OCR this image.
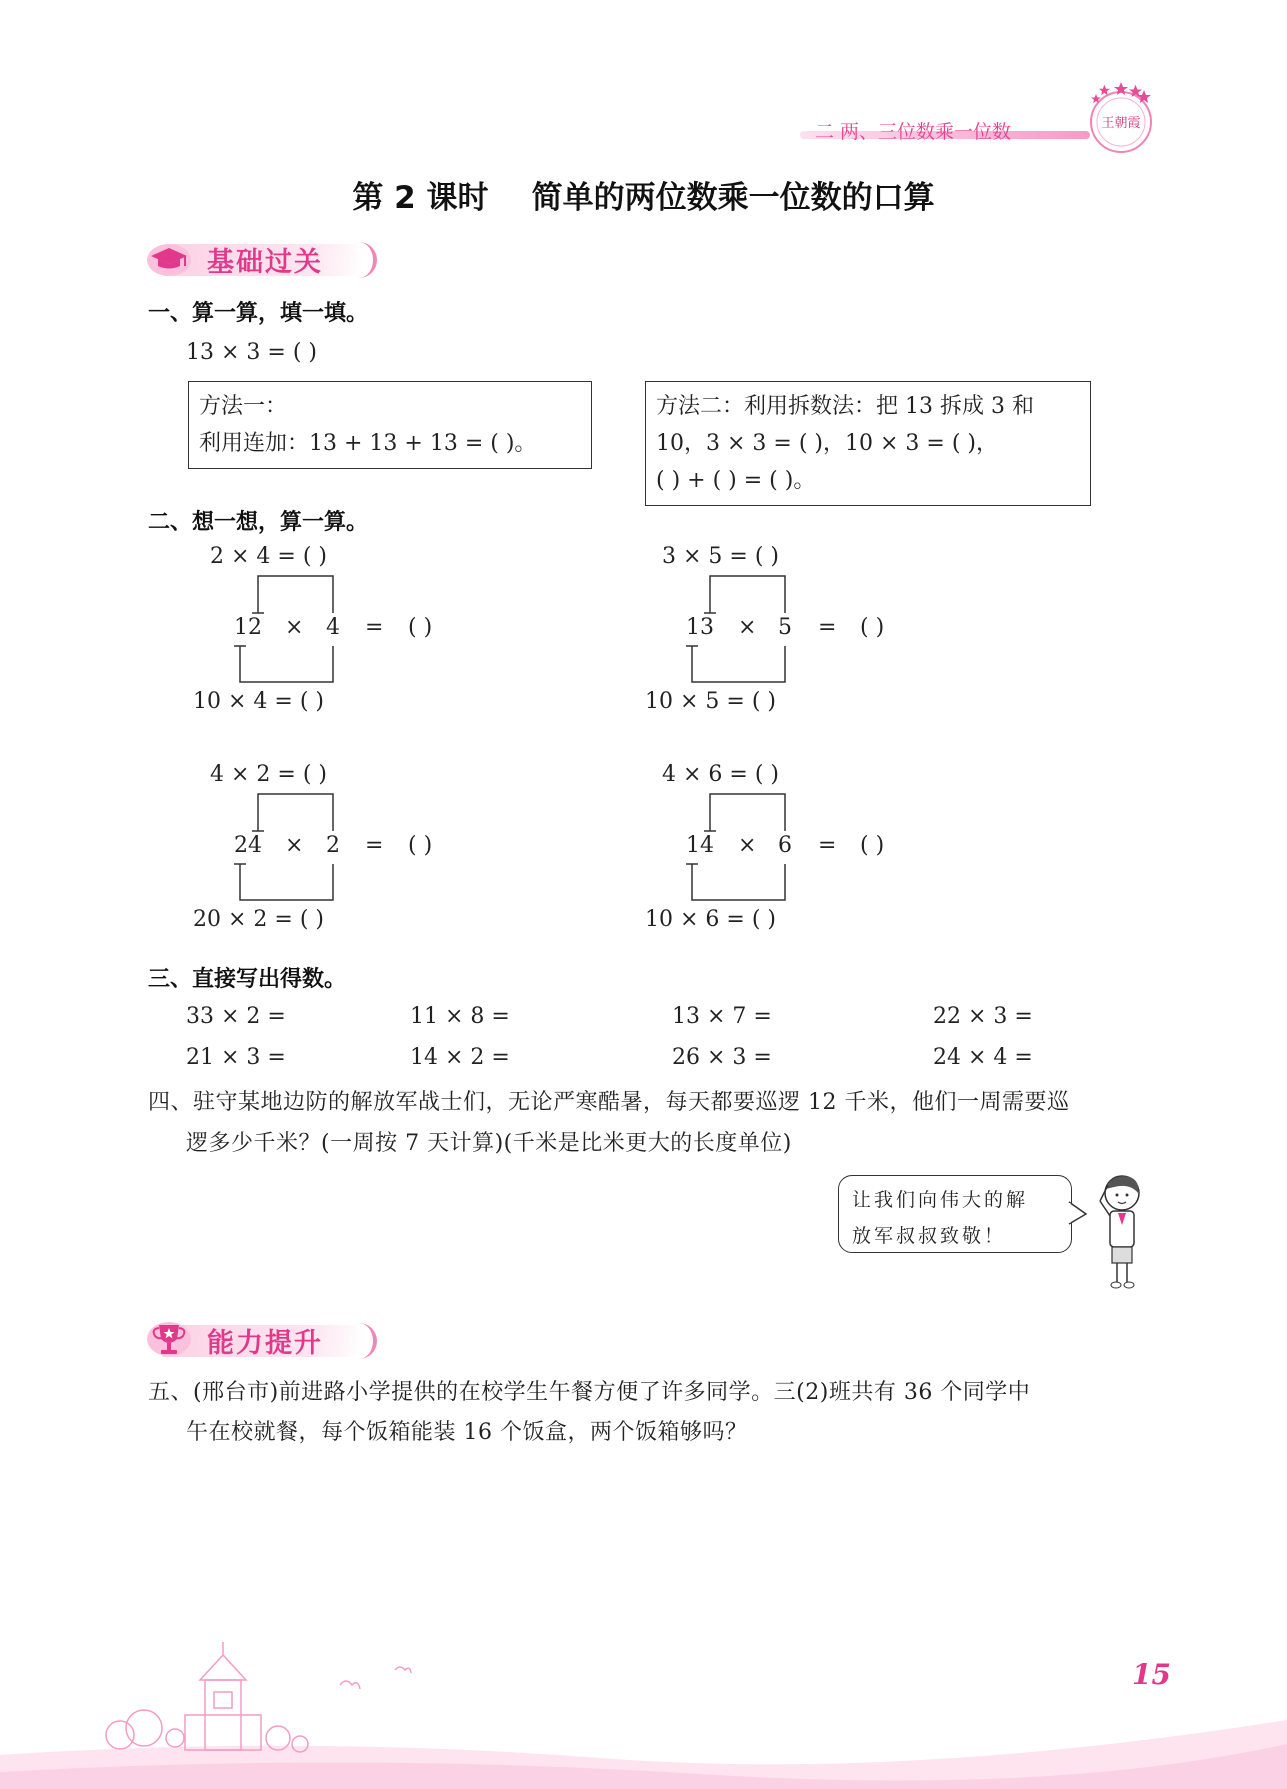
二 两、三位数乘一位数	王朝霞
第 2 课时    简单的两位数乘一位数的口算
基础过关
一、算一算，填一填。
13 × 3 = ( )
方法一：
利用连加：13 + 13 + 13 = ( )。
方法二：利用拆数法：把 13 拆成 3 和
10，3 × 3 = ( )，10 × 3 = ( )，
( ) + ( ) = ( )。
二、想一想，算一算。
2 × 4 = ( )
12 × 4 = ( )
10 × 4 = ( )
3 × 5 = ( )
13 × 5 = ( )
10 × 5 = ( )
4 × 2 = ( )
24 × 2 = ( )
20 × 2 = ( )
4 × 6 = ( )
14 × 6 = ( )
10 × 6 = ( )
三、直接写出得数。
33 × 2 =	11 × 8 =	13 × 7 =	22 × 3 =
21 × 3 =	14 × 2 =	26 × 3 =	24 × 4 =
四、驻守某地边防的解放军战士们，无论严寒酷暑，每天都要巡逻 12 千米，他们一周需要巡
逻多少千米？(一周按 7 天计算)(千米是比米更大的长度单位)
让我们向伟大的解
放军叔叔致敬！
能力提升
五、(邢台市)前进路小学提供的在校学生午餐方便了许多同学。三(2)班共有 36 个同学中
午在校就餐，每个饭箱能装 16 个饭盒，两个饭箱够吗？
15
